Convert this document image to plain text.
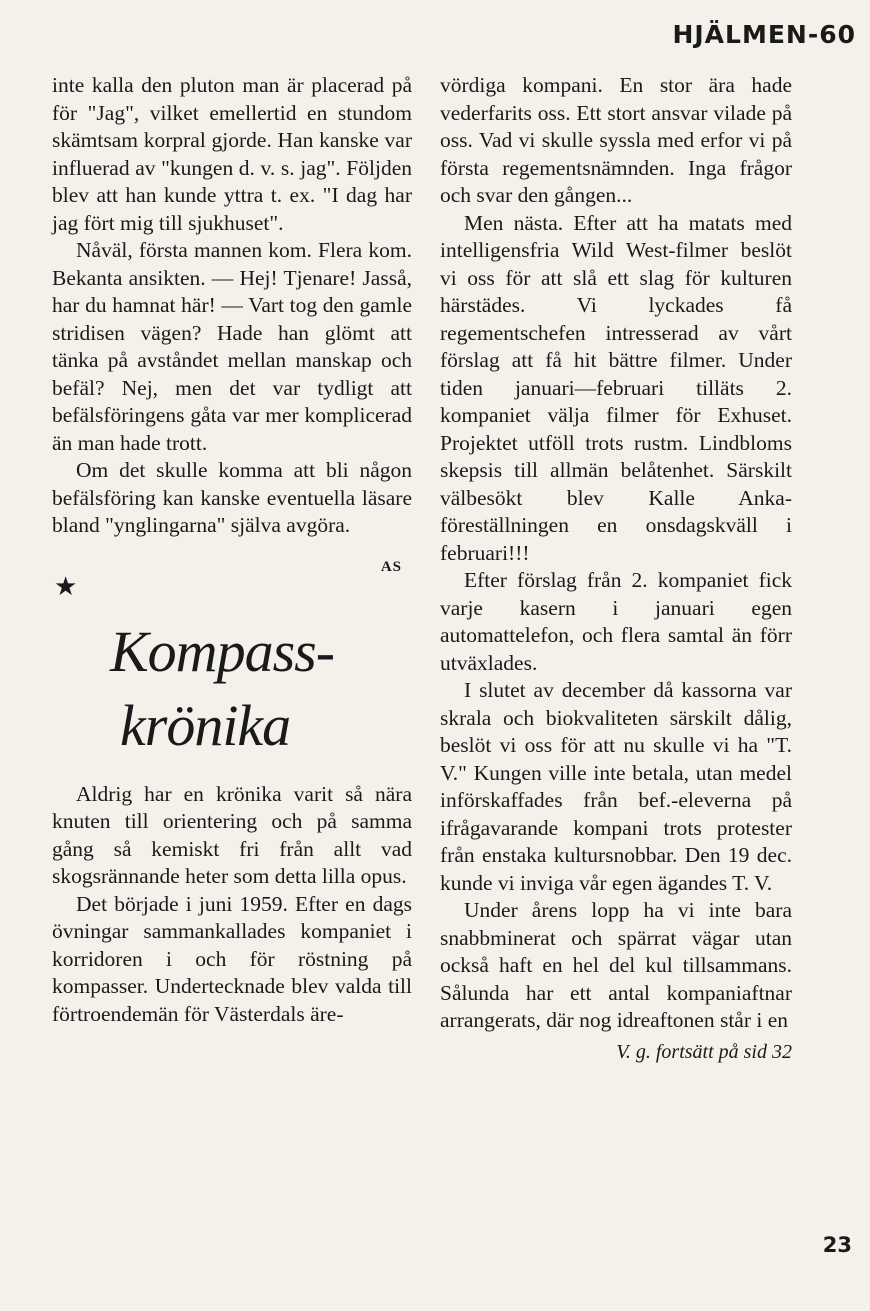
HJÄLMEN-60

inte kalla den pluton man är placerad på för "Jag", vilket emellertid en stundom skämtsam korpral gjorde. Han kanske var influerad av "kungen d. v. s. jag". Följden blev att han kunde yttra t. ex. "I dag har jag fört mig till sjukhuset".

Nåväl, första mannen kom. Flera kom. Bekanta ansikten. — Hej! Tjenare! Jasså, har du hamnat här! — Vart tog den gamle stridisen vägen? Hade han glömt att tänka på avståndet mellan manskap och befäl? Nej, men det var tydligt att befälsföringens gåta var mer komplicerad än man hade trott.

Om det skulle komma att bli någon befälsföring kan kanske eventuella läsare bland "ynglingarna" själva avgöra.

AS
★
Kompass-
krönika

Aldrig har en krönika varit så nära knuten till orientering och på samma gång så kemiskt fri från allt vad skogsrännande heter som detta lilla opus.

Det började i juni 1959. Efter en dags övningar sammankallades kompaniet i korridoren i och för röstning på kompasser. Undertecknade blev valda till förtroendemän för Västerdals äre-

vördiga kompani. En stor ära hade vederfarits oss. Ett stort ansvar vilade på oss. Vad vi skulle syssla med erfor vi på första regementsnämnden. Inga frågor och svar den gången...

Men nästa. Efter att ha matats med intelligensfria Wild West-filmer beslöt vi oss för att slå ett slag för kulturen härstädes. Vi lyckades få regementschefen intresserad av vårt förslag att få hit bättre filmer. Under tiden januari—februari tilläts 2. kompaniet välja filmer för Exhuset. Projektet utföll trots rustm. Lindbloms skepsis till allmän belåtenhet. Särskilt välbesökt blev Kalle Anka-föreställningen en onsdagskväll i februari!!!

Efter förslag från 2. kompaniet fick varje kasern i januari egen automattelefon, och flera samtal än förr utväxlades.

I slutet av december då kassorna var skrala och biokvaliteten särskilt dålig, beslöt vi oss för att nu skulle vi ha "T. V." Kungen ville inte betala, utan medel införskaffades från bef.-eleverna på ifrågavarande kompani trots protester från enstaka kultursnobbar. Den 19 dec. kunde vi inviga vår egen ägandes T. V.

Under årens lopp ha vi inte bara snabbminerat och spärrat vägar utan också haft en hel del kul tillsammans. Sålunda har ett antal kompaniaftnar arrangerats, där nog idreaftonen står i en

V. g. fortsätt på sid 32
23
